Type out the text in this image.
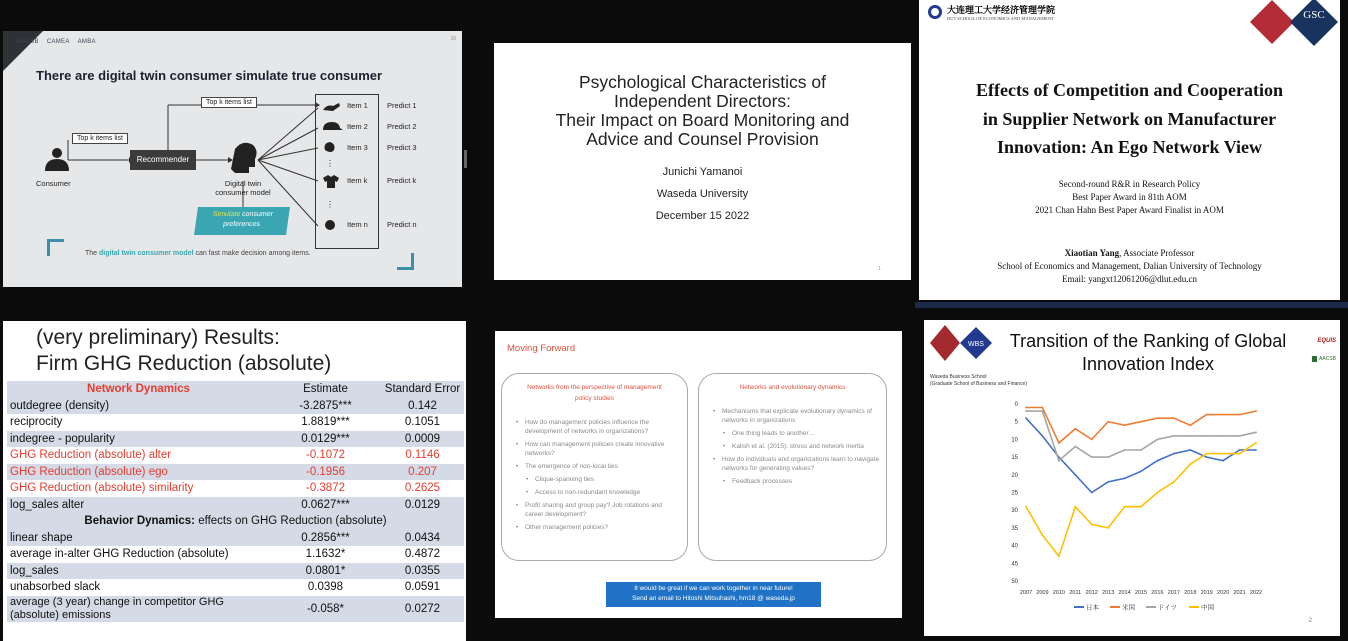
AACSB CAMEA AMBA	10
There are digital twin consumer simulate true consumer
⋮
⋮
Top k items list
Top k items list
Recommender
Consumer	Digital twin consumer model
Item 1
Item 2
Item 3
Item k
Item n
Predict 1
Predict 2
Predict 3
Predict k
Predict n
Simulate consumer preferences
The digital twin consumer model can fast make decision among items.
Psychological Characteristics of
Independent Directors:
Their Impact on Board Monitoring and
Advice and Counsel Provision
Junichi Yamanoi
Waseda University
December 15 2022
1

大连理工大学经济管理学院
DUT SCHOOL OF ECONOMICS AND MANAGEMENT	GSC
Effects of Competition and Cooperation
in Supplier Network on Manufacturer
Innovation: An Ego Network View
Second-round R&R in Research Policy
Best Paper Award in 81th AOM
2021 Chan Hahn Best Paper Award Finalist in AOM
Xiaotian Yang, Associate Professor
School of Economics and Management, Dalian University of Technology
Email: yangxt12061206@dlut.edu.cn
(very preliminary) Results:
Firm GHG Reduction (absolute)
Network Dynamics	Estimate	Standard Error
outdegree (density)	-3.2875***	0.142
reciprocity	1.8819***	0.1051
indegree - popularity	0.0129***	0.0009
GHG Reduction (absolute) alter	-0.1072	0.1146
GHG Reduction (absolute) ego	-0.1956	0.207
GHG Reduction (absolute) similarity	-0.3872	0.2625
log_sales alter	0.0627***	0.0129
Behavior Dynamics: effects on GHG Reduction (absolute)		
linear shape	0.2856***	0.0434
average in-alter GHG Reduction (absolute)	1.1632*	0.4872
log_sales	0.0801*	0.0355
unabsorbed slack	0.0398	0.0591
average (3 year) change in competitor GHG (absolute) emissions	-0.058*	0.0272
Moving Forward
Networks from the perspective of management policy studies
• How do management policies influence the development of networks in organizations?
• How can management policies create innovative networks?
• The emergence of non-local ties
• Clique-spanning ties
• Access to non-redundant knowledge
• Profit sharing and group pay? Job rotations and career development?
• Other management policies?
Networks and evolutionary dynamics
• Mechanisms that explicate evolutionary dynamics of networks in organizations
• One thing leads to another…
• Kalish et al. (2015): stress and network inertia
• How do individuals and organizations learn to navigate networks for generating values?
• Feedback processes
It would be great if we can work together in near future!
Send an email to Hitoshi Mitsuhashi, hm18 @ waseda.jp
WBS	EQUIS
AACSB
Transition of the Ranking of Global
Innovation Index
Waseda Business School
(Graduate School of Business and Finance)
0
5
10
15
20
25
30
35
40
45
50
2007 2009 2010 2011 2012 2013 2014 2015 2016 2017 2018 2019 2020 2021 2022
日本	米国	ドイツ	中国
2
